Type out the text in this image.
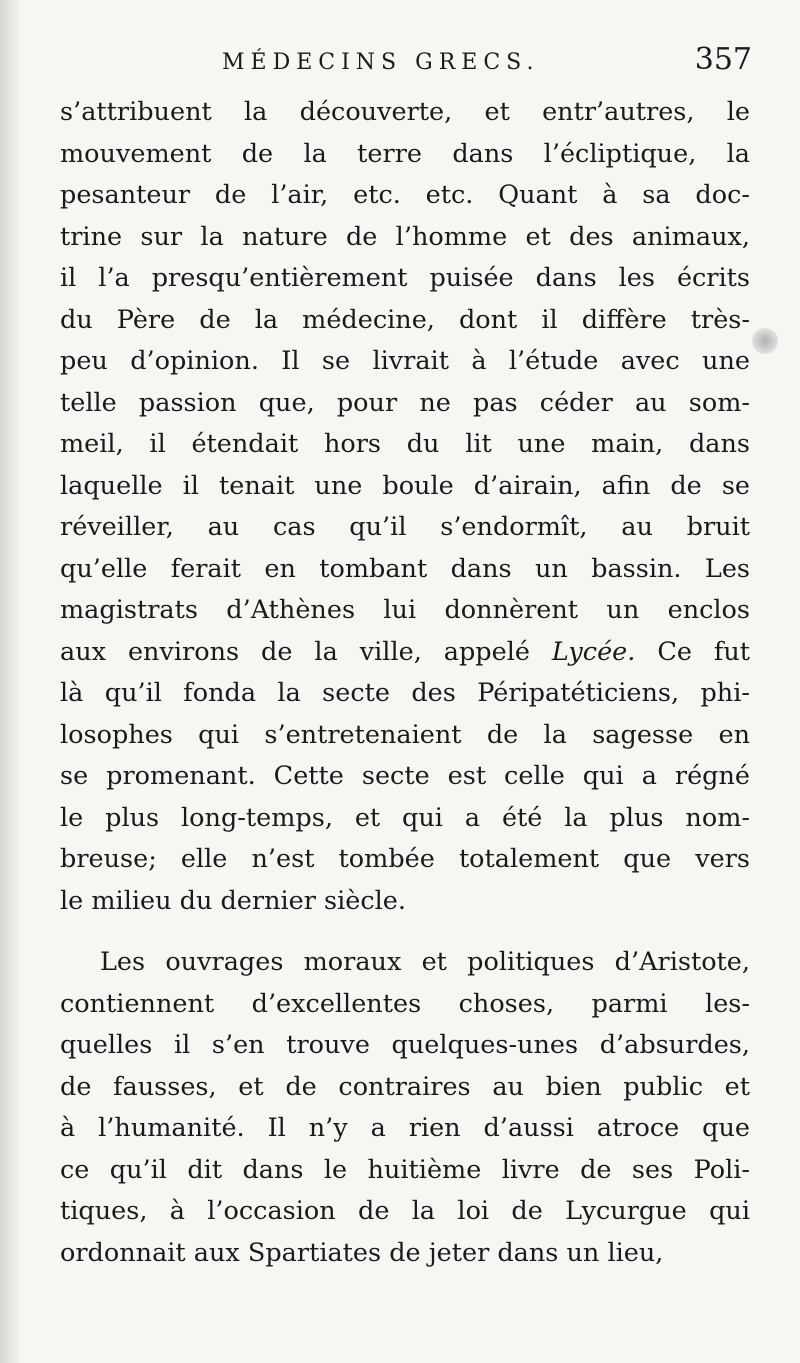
MÉDECINS GRECS.	357
s’attribuent la découverte, et entr’autres, le
mouvement de la terre dans l’écliptique, la
pesanteur de l’air, etc. etc. Quant à sa doc-
trine sur la nature de l’homme et des animaux,
il l’a presqu’entièrement puisée dans les écrits
du Père de la médecine, dont il diffère très-
peu d’opinion. Il se livrait à l’étude avec une
telle passion que, pour ne pas céder au som-
meil, il étendait hors du lit une main, dans
laquelle il tenait une boule d’airain, afin de se
réveiller, au cas qu’il s’endormît, au bruit
qu’elle ferait en tombant dans un bassin. Les
magistrats d’Athènes lui donnèrent un enclos
aux environs de la ville, appelé Lycée. Ce fut
là qu’il fonda la secte des Péripatéticiens, phi-
losophes qui s’entretenaient de la sagesse en
se promenant. Cette secte est celle qui a régné
le plus long-temps, et qui a été la plus nom-
breuse; elle n’est tombée totalement que vers
le milieu du dernier siècle.
Les ouvrages moraux et politiques d’Aristote,
contiennent d’excellentes choses, parmi les-
quelles il s’en trouve quelques-unes d’absurdes,
de fausses, et de contraires au bien public et
à l’humanité. Il n’y a rien d’aussi atroce que
ce qu’il dit dans le huitième livre de ses Poli-
tiques, à l’occasion de la loi de Lycurgue qui
ordonnait aux Spartiates de jeter dans un lieu,
